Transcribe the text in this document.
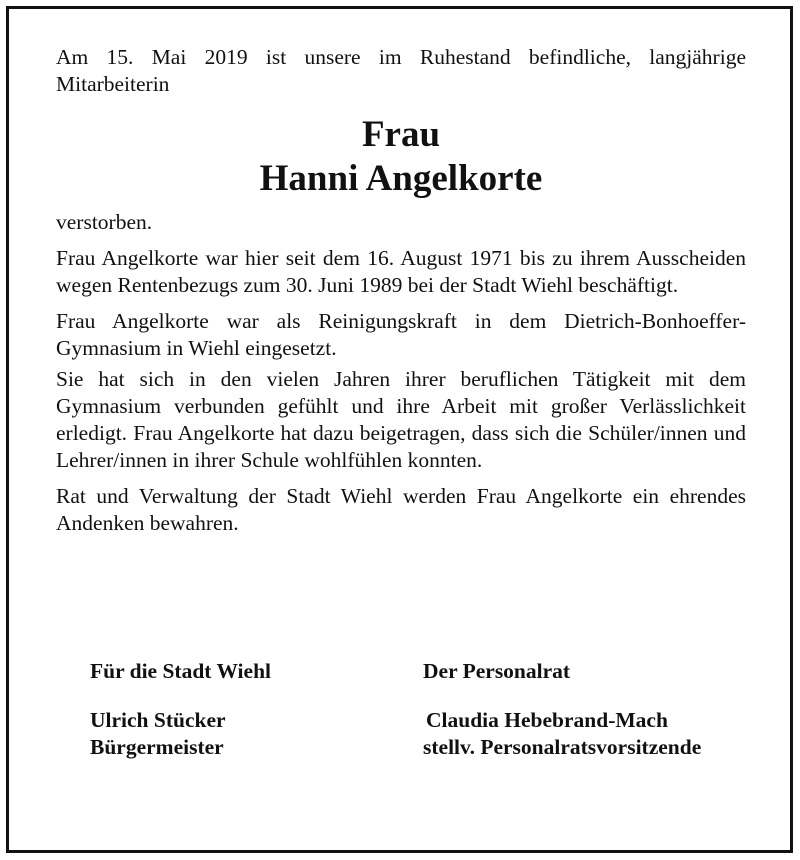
Am 15. Mai 2019 ist unsere im Ruhestand befindliche, langjährige Mitarbeiterin

Frau
Hanni Angelkorte

verstorben.

Frau Angelkorte war hier seit dem 16. August 1971 bis zu ihrem Ausscheiden wegen Rentenbezugs zum 30. Juni 1989 bei der Stadt Wiehl beschäftigt.

Frau Angelkorte war als Reinigungskraft in dem Dietrich-Bonhoeffer-Gymnasium in Wiehl eingesetzt.

Sie hat sich in den vielen Jahren ihrer beruflichen Tätigkeit mit dem Gymnasium verbunden gefühlt und ihre Arbeit mit großer Verlässlichkeit erledigt. Frau Angelkorte hat dazu beigetragen, dass sich die Schüler/innen und Lehrer/innen in ihrer Schule wohlfühlen konnten.

Rat und Verwaltung der Stadt Wiehl werden Frau Angelkorte ein ehrendes Andenken bewahren.

Für die Stadt Wiehl

Ulrich Stücker

Bürgermeister

Der Personalrat

Claudia Hebebrand-Mach

stellv. Personalratsvorsitzende
